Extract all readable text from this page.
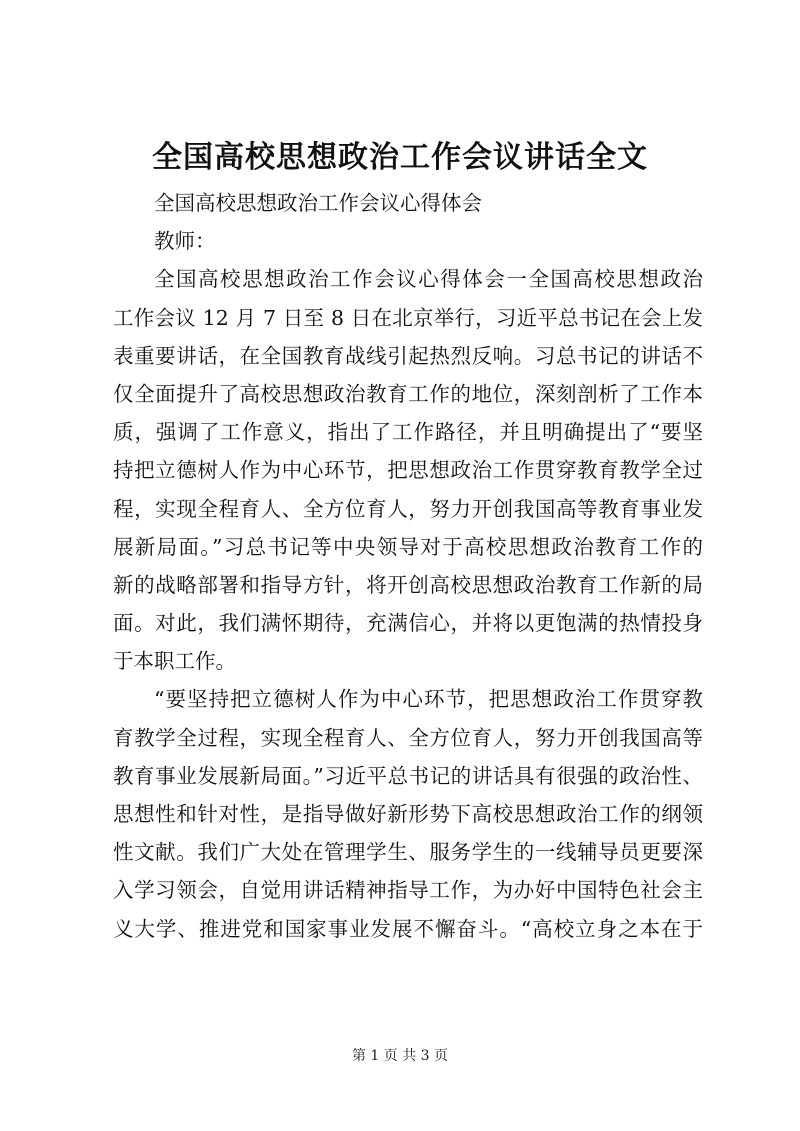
全国高校思想政治工作会议讲话全文
全国高校思想政治工作会议心得体会
教师：
全国高校思想政治工作会议心得体会一全国高校思想政治
工作会议 12 月 7 日至 8 日在北京举行，习近平总书记在会上发
表重要讲话，在全国教育战线引起热烈反响。习总书记的讲话不
仅全面提升了高校思想政治教育工作的地位，深刻剖析了工作本
质，强调了工作意义，指出了工作路径，并且明确提出了“要坚
持把立德树人作为中心环节，把思想政治工作贯穿教育教学全过
程，实现全程育人、全方位育人，努力开创我国高等教育事业发
展新局面。”习总书记等中央领导对于高校思想政治教育工作的
新的战略部署和指导方针，将开创高校思想政治教育工作新的局
面。对此，我们满怀期待，充满信心，并将以更饱满的热情投身
于本职工作。
“要坚持把立德树人作为中心环节，把思想政治工作贯穿教
育教学全过程，实现全程育人、全方位育人，努力开创我国高等
教育事业发展新局面。”习近平总书记的讲话具有很强的政治性、
思想性和针对性，是指导做好新形势下高校思想政治工作的纲领
性文献。我们广大处在管理学生、服务学生的一线辅导员更要深
入学习领会，自觉用讲话精神指导工作，为办好中国特色社会主
义大学、推进党和国家事业发展不懈奋斗。“高校立身之本在于
第 1 页 共 3 页
